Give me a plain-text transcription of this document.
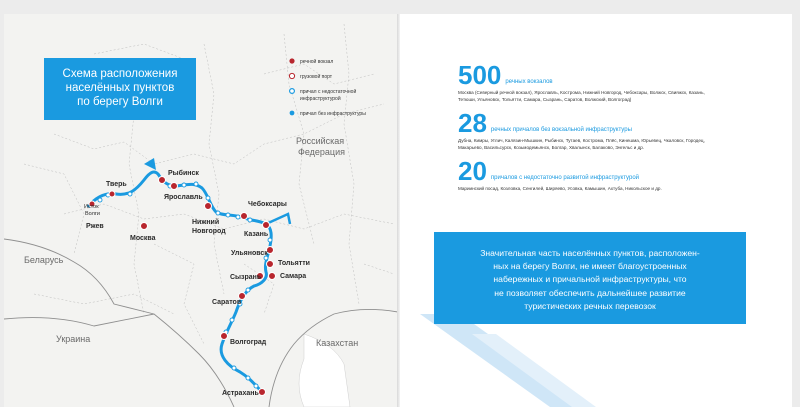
речной вокзал
грузовой порт
причал с недостаточной
инфраструктурой
причал без инфраструктуры
Российская
Федерация
Беларусь
Украина	Казахстан
Исток
Волги
Ржев
Тверь
Москва
Рыбинск
Ярославль
Нижний
Новгород
Чебоксары
Казань
Ульяновск
Тольятти
Сызрань	Самара
Саратов
Волгоград
Астрахань
Схема расположения
населённых пунктов
по берегу Волги
500 речных вокзалов
Москва (Северный речной вокзал), Ярославль, Кострома, Нижний Новгород, Чебоксары, Волжск, Свияжск, Казань,
Тетюши, Ульяновск, Тольятти, Самара, Сызрань, Саратов, Волжский, Волгоград)
28 речных причалов без вокзальной инфраструктуры
Дубна, Кимры, Углич, Калязин-Мышкин, Рыбинск, Тутаев, Кострома, Плёс, Кинешма, Юрьевец, Чкаловск, Городец,
Макарьево, Васильсурск, Козьмодемьянск, Болгар, Хвалынск, Балаково, Энгельс и др.
20 причалов с недостаточно развитой инфраструктурой
Мариинский посад, Козловка, Сенгилей, Ширяево, Усовка, Камышин, Ахтуба, Никольское и др.
Значительная часть населённых пунктов, расположен-
ных на берегу Волги, не имеет благоустроенных
набережных и причальной инфраструктуры, что
не позволяет обеспечить дальнейшее развитие
туристических речных перевозок
